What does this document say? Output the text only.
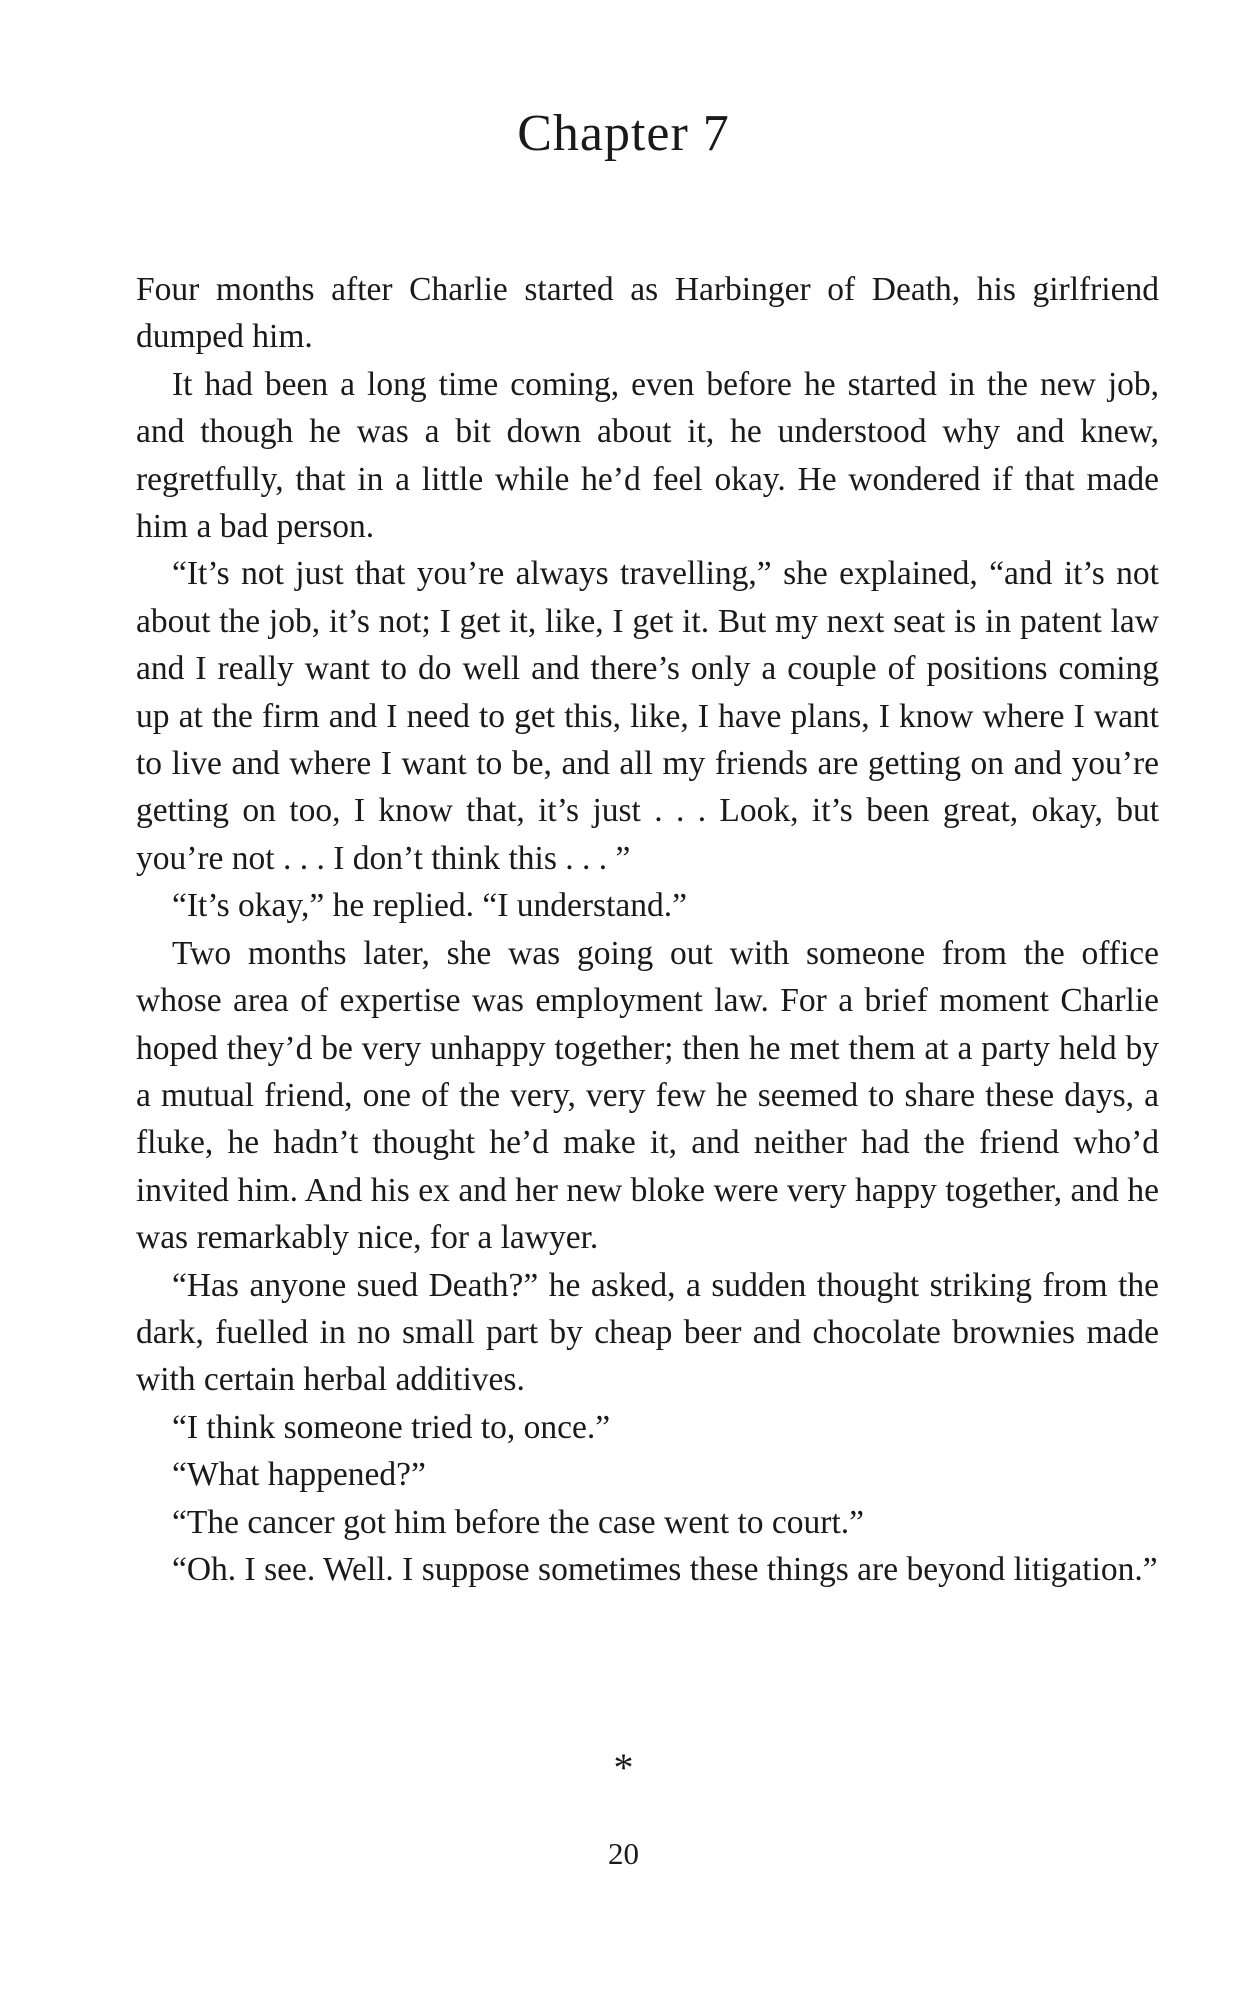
Chapter 7

Four months after Charlie started as Harbinger of Death, his girlfriend dumped him.

It had been a long time coming, even before he started in the new job, and though he was a bit down about it, he understood why and knew, regretfully, that in a little while he’d feel okay. He wondered if that made him a bad person.

“It’s not just that you’re always travelling,” she explained, “and it’s not about the job, it’s not; I get it, like, I get it. But my next seat is in patent law and I really want to do well and there’s only a couple of positions coming up at the firm and I need to get this, like, I have plans, I know where I want to live and where I want to be, and all my friends are getting on and you’re getting on too, I know that, it’s just . . . Look, it’s been great, okay, but you’re not . . . I don’t think this . . . ”

“It’s okay,” he replied. “I understand.”

Two months later, she was going out with someone from the office whose area of expertise was employment law. For a brief moment Charlie hoped they’d be very unhappy together; then he met them at a party held by a mutual friend, one of the very, very few he seemed to share these days, a fluke, he hadn’t thought he’d make it, and neither had the friend who’d invited him. And his ex and her new bloke were very happy together, and he was remarkably nice, for a lawyer.

“Has anyone sued Death?” he asked, a sudden thought striking from the dark, fuelled in no small part by cheap beer and chocolate brownies made with certain herbal additives.

“I think someone tried to, once.”

“What happened?”

“The cancer got him before the case went to court.”

“Oh. I see. Well. I suppose sometimes these things are beyond litigation.”

*
20
